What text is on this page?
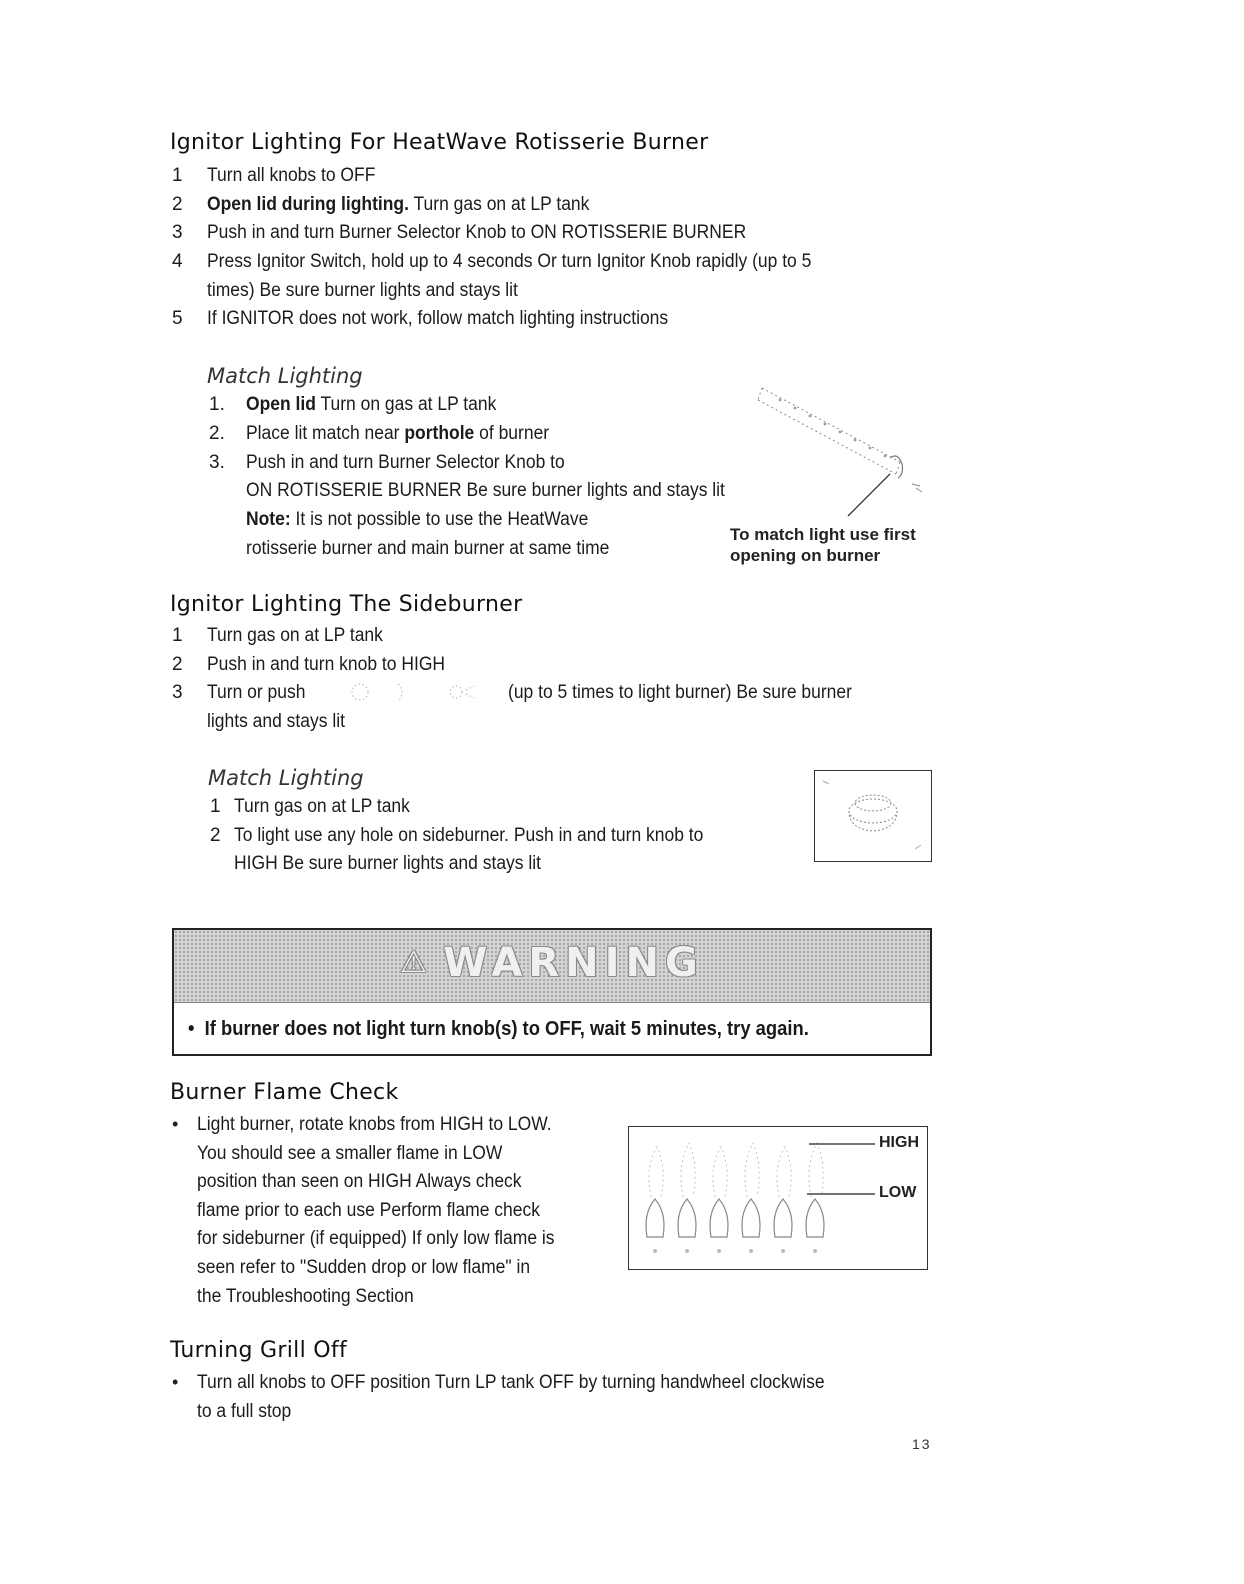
Ignitor Lighting For HeatWave Rotisserie Burner
1 Turn all knobs to OFF
2 Open lid during lighting. Turn gas on at LP tank
3 Push in and turn Burner Selector Knob to ON ROTISSERIE BURNER
4 Press Ignitor Switch, hold up to 4 seconds Or turn Ignitor Knob rapidly (up to 5
times) Be sure burner lights and stays lit
5 If IGNITOR does not work, follow match lighting instructions
Match Lighting
1. Open lid Turn on gas at LP tank
2. Place lit match near porthole of burner
3. Push in and turn Burner Selector Knob to
ON ROTISSERIE BURNER Be sure burner lights and stays lit
Note: It is not possible to use the HeatWave
rotisserie burner and main burner at same time
To match light use first
opening on burner
Ignitor Lighting The Sideburner
1 Turn gas on at LP tank
2 Push in and turn knob to HIGH
3 Turn or push	(up to 5 times to light burner) Be sure burner
lights and stays lit
Match Lighting
1 Turn gas on at LP tank
2 To light use any hole on sideburner. Push in and turn knob to
HIGH Be sure burner lights and stays lit
⚠ WARNING
•  If burner does not light turn knob(s) to OFF, wait 5 minutes, try again.
Burner Flame Check
• Light burner, rotate knobs from HIGH to LOW.
You should see a smaller flame in LOW
position than seen on HIGH Always check
flame prior to each use Perform flame check
for sideburner (if equipped) If only low flame is
seen refer to "Sudden drop or low flame" in
the Troubleshooting Section
HIGH
LOW
Turning Grill Off
• Turn all knobs to OFF position Turn LP tank OFF by turning handwheel clockwise
to a full stop
13
